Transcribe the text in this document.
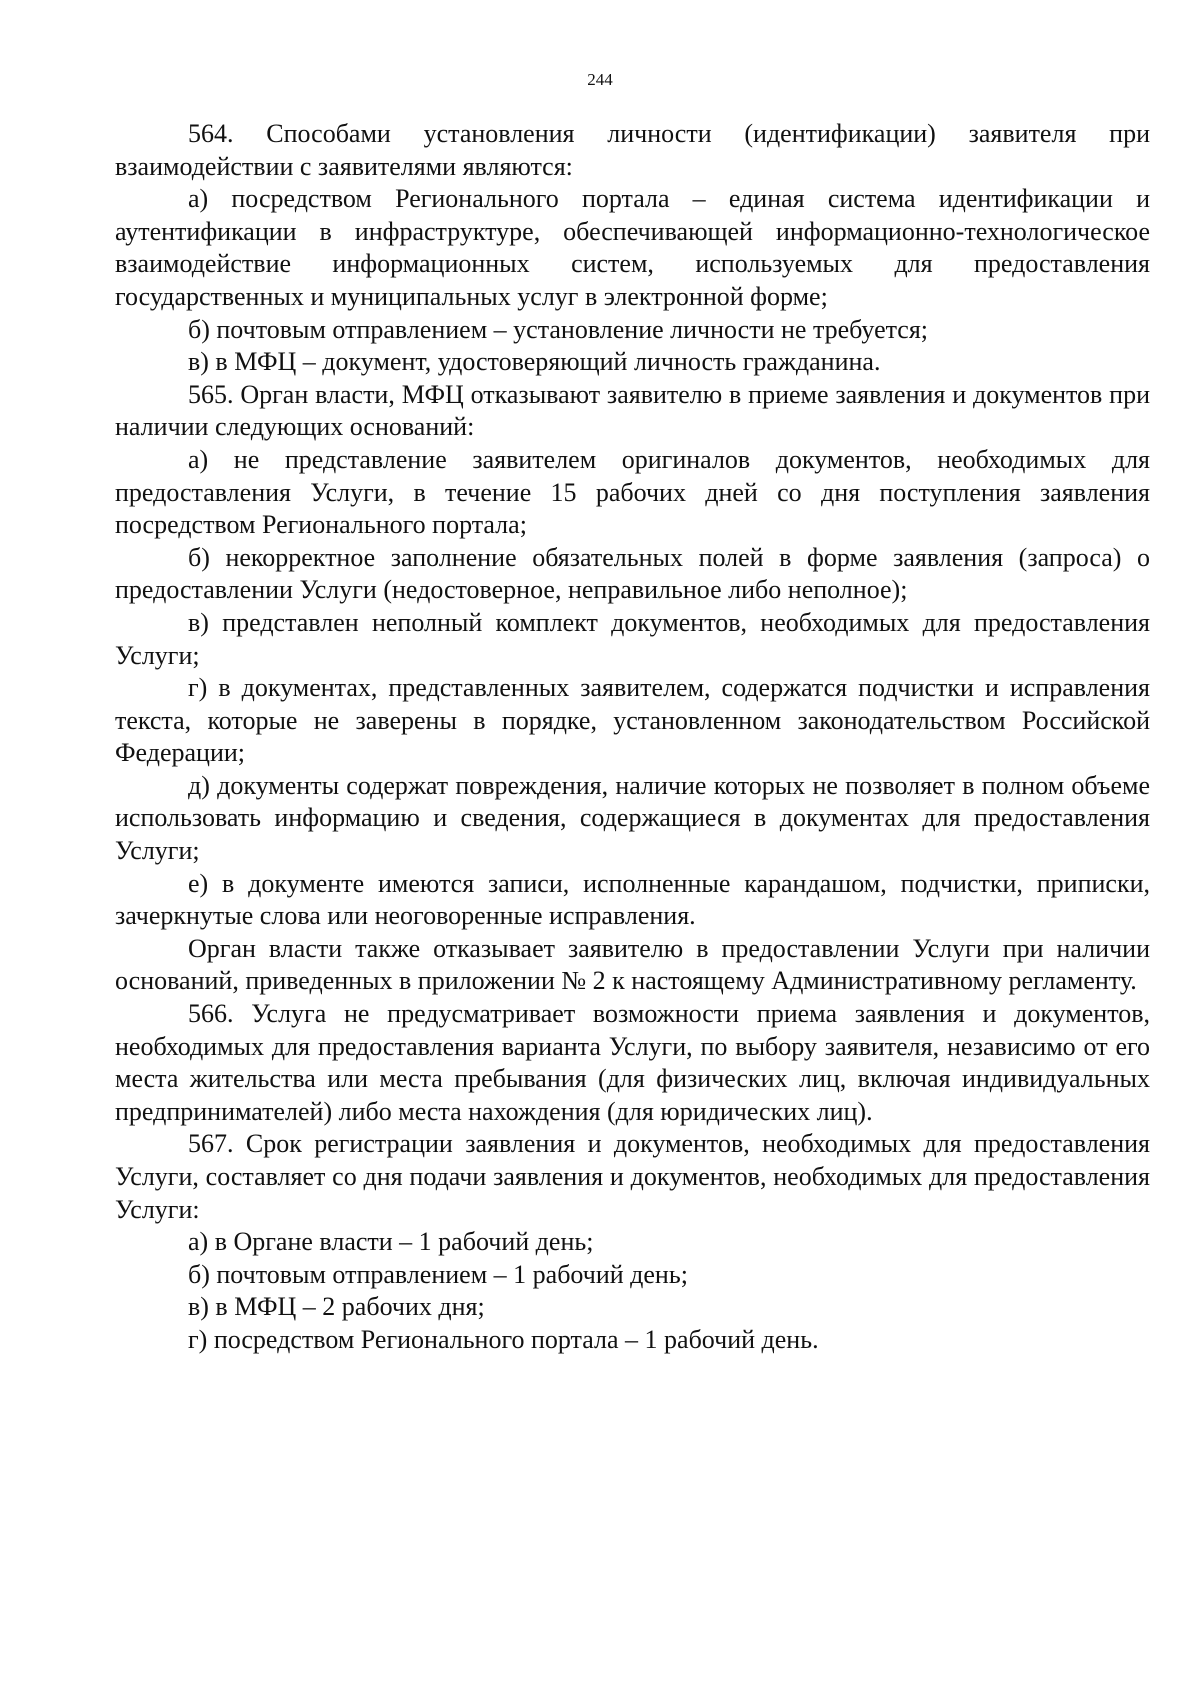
244

564. Способами установления личности (идентификации) заявителя при взаимодействии с заявителями являются:

а) посредством Регионального портала – единая система идентификации и аутентификации в инфраструктуре, обеспечивающей информационно-технологическое взаимодействие информационных систем, используемых для предоставления государственных и муниципальных услуг в электронной форме;

б) почтовым отправлением – установление личности не требуется;

в) в МФЦ – документ, удостоверяющий личность гражданина.

565. Орган власти, МФЦ отказывают заявителю в приеме заявления и документов при наличии следующих оснований:

а) не представление заявителем оригиналов документов, необходимых для предоставления Услуги, в течение 15 рабочих дней со дня поступления заявления посредством Регионального портала;

б) некорректное заполнение обязательных полей в форме заявления (запроса) о предоставлении Услуги (недостоверное, неправильное либо неполное);

в) представлен неполный комплект документов, необходимых для предоставления Услуги;

г) в документах, представленных заявителем, содержатся подчистки и исправления текста, которые не заверены в порядке, установленном законодательством Российской Федерации;

д) документы содержат повреждения, наличие которых не позволяет в полном объеме использовать информацию и сведения, содержащиеся в документах для предоставления Услуги;

е) в документе имеются записи, исполненные карандашом, подчистки, приписки, зачеркнутые слова или неоговоренные исправления.

Орган власти также отказывает заявителю в предоставлении Услуги при наличии оснований, приведенных в приложении № 2 к настоящему Административному регламенту.

566. Услуга не предусматривает возможности приема заявления и документов, необходимых для предоставления варианта Услуги, по выбору заявителя, независимо от его места жительства или места пребывания (для физических лиц, включая индивидуальных предпринимателей) либо места нахождения (для юридических лиц).

567. Срок регистрации заявления и документов, необходимых для предоставления Услуги, составляет со дня подачи заявления и документов, необходимых для предоставления Услуги:

а) в Органе власти – 1 рабочий день;

б) почтовым отправлением – 1 рабочий день;

в) в МФЦ – 2 рабочих дня;

г) посредством Регионального портала – 1 рабочий день.
